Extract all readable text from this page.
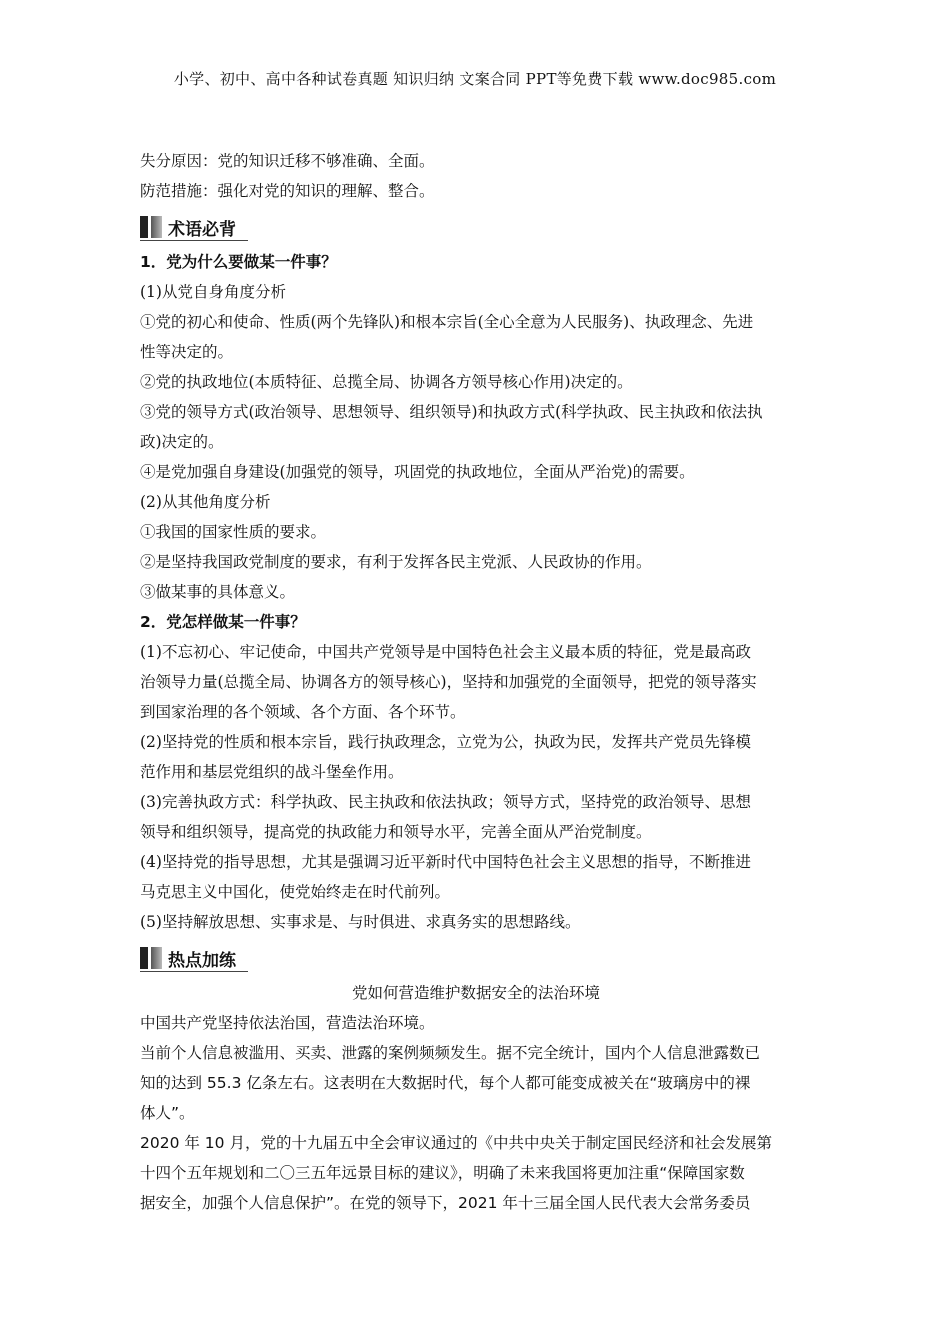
小学、初中、高中各种试卷真题 知识归纳 文案合同 PPT等免费下载 www.doc985.com

失分原因：党的知识迁移不够准确、全面。

防范措施：强化对党的知识的理解、整合。

术语必背

1．党为什么要做某一件事？

(1)从党自身角度分析

①党的初心和使命、性质(两个先锋队)和根本宗旨(全心全意为人民服务)、执政理念、先进

性等决定的。

②党的执政地位(本质特征、总揽全局、协调各方领导核心作用)决定的。

③党的领导方式(政治领导、思想领导、组织领导)和执政方式(科学执政、民主执政和依法执

政)决定的。

④是党加强自身建设(加强党的领导，巩固党的执政地位，全面从严治党)的需要。

(2)从其他角度分析

①我国的国家性质的要求。

②是坚持我国政党制度的要求，有利于发挥各民主党派、人民政协的作用。

③做某事的具体意义。

2．党怎样做某一件事？

(1)不忘初心、牢记使命，中国共产党领导是中国特色社会主义最本质的特征，党是最高政

治领导力量(总揽全局、协调各方的领导核心)，坚持和加强党的全面领导，把党的领导落实

到国家治理的各个领域、各个方面、各个环节。

(2)坚持党的性质和根本宗旨，践行执政理念，立党为公，执政为民，发挥共产党员先锋模

范作用和基层党组织的战斗堡垒作用。

(3)完善执政方式：科学执政、民主执政和依法执政；领导方式，坚持党的政治领导、思想

领导和组织领导，提高党的执政能力和领导水平，完善全面从严治党制度。

(4)坚持党的指导思想，尤其是强调习近平新时代中国特色社会主义思想的指导，不断推进

马克思主义中国化，使党始终走在时代前列。

(5)坚持解放思想、实事求是、与时俱进、求真务实的思想路线。

热点加练

党如何营造维护数据安全的法治环境

中国共产党坚持依法治国，营造法治环境。

当前个人信息被滥用、买卖、泄露的案例频频发生。据不完全统计，国内个人信息泄露数已

知的达到 55.3 亿条左右。这表明在大数据时代，每个人都可能变成被关在“玻璃房中的裸

体人”。

2020 年 10 月，党的十九届五中全会审议通过的《中共中央关于制定国民经济和社会发展第

十四个五年规划和二〇三五年远景目标的建议》，明确了未来我国将更加注重“保障国家数

据安全，加强个人信息保护”。在党的领导下，2021 年十三届全国人民代表大会常务委员
